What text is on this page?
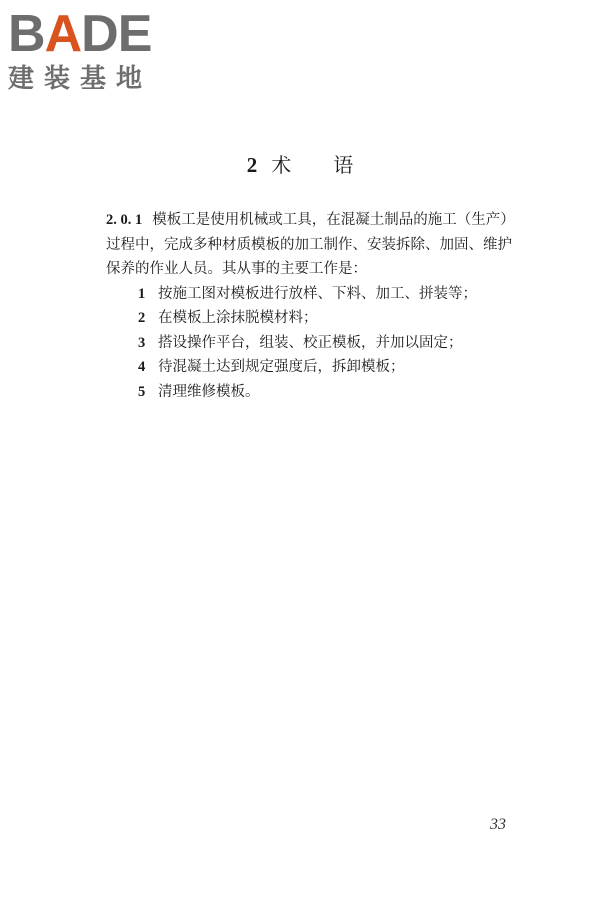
B A D E
建装基地
2 术 语

2. 0. 1 模板工是使用机械或工具，在混凝土制品的施工（生产）

过程中，完成多种材质模板的加工制作、安装拆除、加固、维护

保养的作业人员。其从事的主要工作是：

1 按施工图对模板进行放样、下料、加工、拼装等；
2 在模板上涂抹脱模材料；
3 搭设操作平台，组装、校正模板，并加以固定；
4 待混凝土达到规定强度后，拆卸模板；
5 清理维修模板。
33
